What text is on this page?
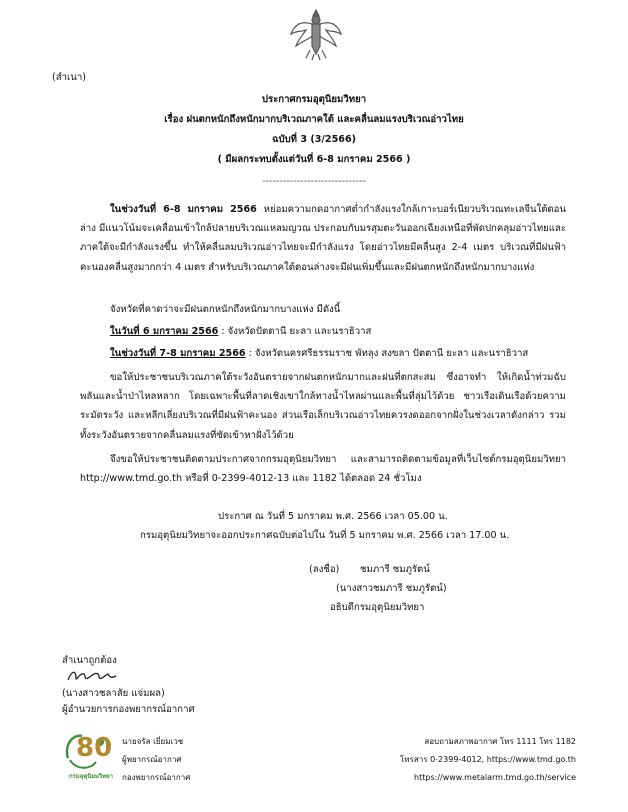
(สำเนา)
ประกาศกรมอุตุนิยมวิทยา
เรื่อง ฝนตกหนักถึงหนักมากบริเวณภาคใต้ และคลื่นลมแรงบริเวณอ่าวไทย
ฉบับที่ 3 (3/2566)
( มีผลกระทบตั้งแต่วันที่ 6-8 มกราคม 2566 )
------------------------------
ในช่วงวันที่ 6-8 มกราคม 2566 หย่อมความกดอากาศต่ำกำลังแรงใกล้เกาะบอร์เนียวบริเวณทะเลจีนใต้ตอนล่าง มีแนวโน้มจะเคลื่อนเข้าใกล้ปลายบริเวณแหลมญวณ ประกอบกับมรสุมตะวันออกเฉียงเหนือที่พัดปกคลุมอ่าวไทยและภาคใต้จะมีกำลังแรงขึ้น ทำให้คลื่นลมบริเวณอ่าวไทยจะมีกำลังแรง โดยอ่าวไทยมีคลื่นสูง 2-4 เมตร บริเวณที่มีฝนฟ้าคะนองคลื่นสูงมากกว่า 4 เมตร สำหรับบริเวณภาคใต้ตอนล่างจะมีฝนเพิ่มขึ้นและมีฝนตกหนักถึงหนักมากบางแห่ง
จังหวัดที่คาดว่าจะมีฝนตกหนักถึงหนักมากบางแห่ง มีดังนี้
ในวันที่ 6 มกราคม 2566 : จังหวัดปัตตานี ยะลา และนราธิวาส
ในช่วงวันที่ 7-8 มกราคม 2566 : จังหวัดนครศรีธรรมราช พัทลุง สงขลา ปัตตานี ยะลา และนราธิวาส
ขอให้ประชาชนบริเวณภาคใต้ระวังอันตรายจากฝนตกหนักมากและฝนที่ตกสะสม ซึ่งอาจทำ ให้เกิดน้ำท่วมฉับพลันและน้ำป่าไหลหลาก โดยเฉพาะพื้นที่ลาดเชิงเขาใกล้ทางน้ำไหลผ่านและพื้นที่ลุ่มไว้ด้วย ชาวเรือเดินเรือด้วยความระมัดระวัง และหลีกเลี่ยงบริเวณที่มีฝนฟ้าคะนอง ส่วนเรือเล็กบริเวณอ่าวไทยควรงดออกจากฝั่งในช่วงเวลาดังกล่าว รวมทั้งระวังอันตรายจากคลื่นลมแรงที่ซัดเข้าหาฝั่งไว้ด้วย
จึงขอให้ประชาชนติดตามประกาศจากกรมอุตุนิยมวิทยา และสามารถติดตามข้อมูลที่เว็บไซต์กรมอุตุนิยมวิทยา http://www.tmd.go.th หรือที่ 0-2399-4012-13 และ 1182 ได้ตลอด 24 ชั่วโมง
ประกาศ ณ วันที่ 5 มกราคม พ.ศ. 2566 เวลา 05.00 น.
กรมอุตุนิยมวิทยาจะออกประกาศฉบับต่อไปใน วันที่ 5 มกราคม พ.ศ. 2566 เวลา 17.00 น.
(ลงชื่อ) ชมภารี ชมภูรัตน์
(นางสาวชมภารี ชมภูรัตน์)
อธิบดีกรมอุตุนิยมวิทยา
สำเนาถูกต้อง
(นางสาวชลาลัย แจ่มผล)
ผู้อำนวยการกองพยากรณ์อากาศ
80
กรมอุตุนิยมวิทยา
นายจรัล เยี่ยมเวช
ผู้พยากรณ์อากาศ
กองพยากรณ์อากาศ
สอบถามสภาพอากาศ โทร 1111 โทร 1182
โทรสาร 0-2399-4012, https://www.tmd.go.th
https://www.metalarm.tmd.go.th/service
